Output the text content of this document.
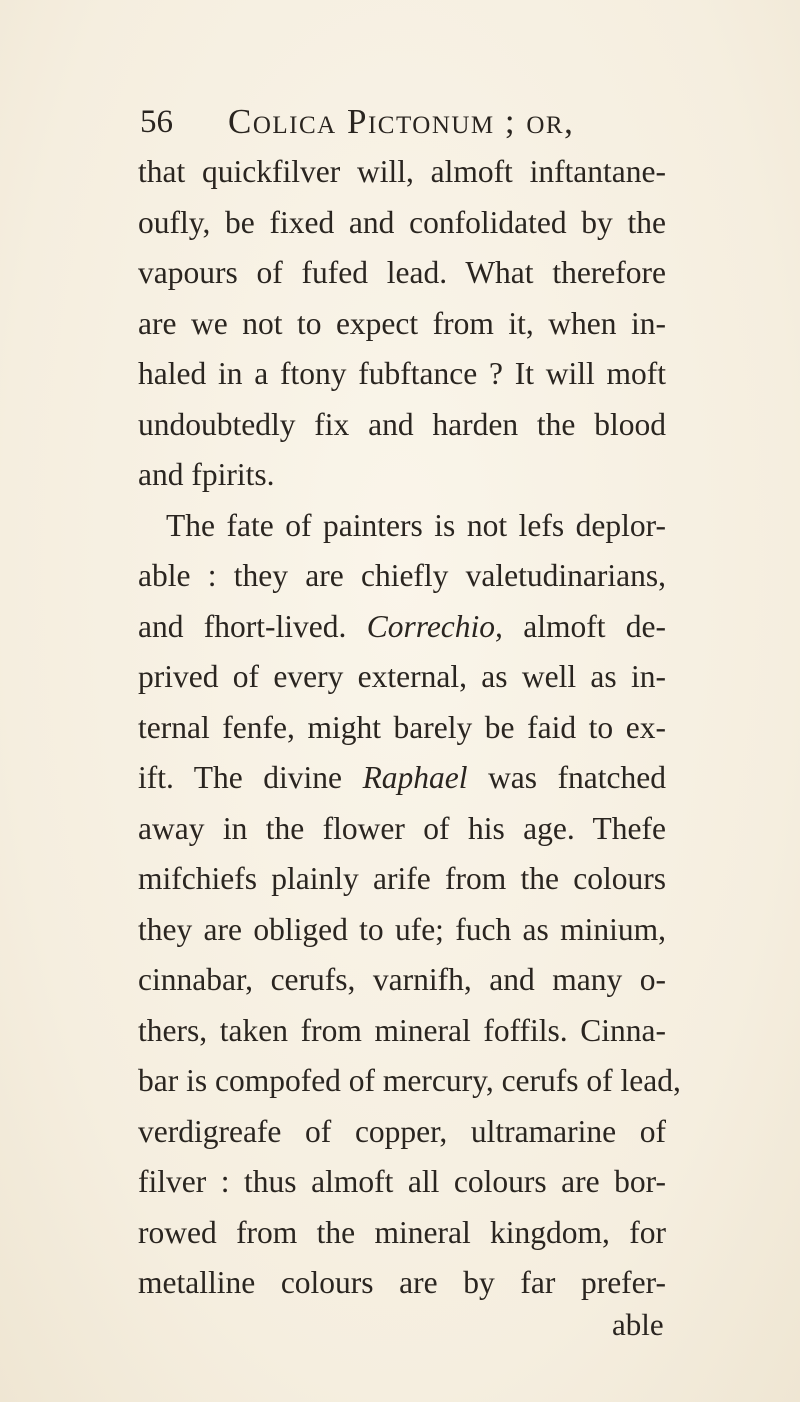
56 Colica Pictonum ; or,
that quickfilver will, almoft inftantane-
oufly, be fixed and confolidated by the
vapours of fufed lead. What therefore
are we not to expect from it, when in-
haled in a ftony fubftance ? It will moft
undoubtedly fix and harden the blood
and fpirits.
The fate of painters is not lefs deplor-
able : they are chiefly valetudinarians,
and fhort-lived. Correchio, almoft de-
prived of every external, as well as in-
ternal fenfe, might barely be faid to ex-
ift. The divine Raphael was fnatched
away in the flower of his age. Thefe
mifchiefs plainly arife from the colours
they are obliged to ufe; fuch as minium,
cinnabar, cerufs, varnifh, and many o-
thers, taken from mineral foffils. Cinna-
bar is compofed of mercury, cerufs of lead,
verdigreafe of copper, ultramarine of
filver : thus almoft all colours are bor-
rowed from the mineral kingdom, for
metalline colours are by far prefer-
able
